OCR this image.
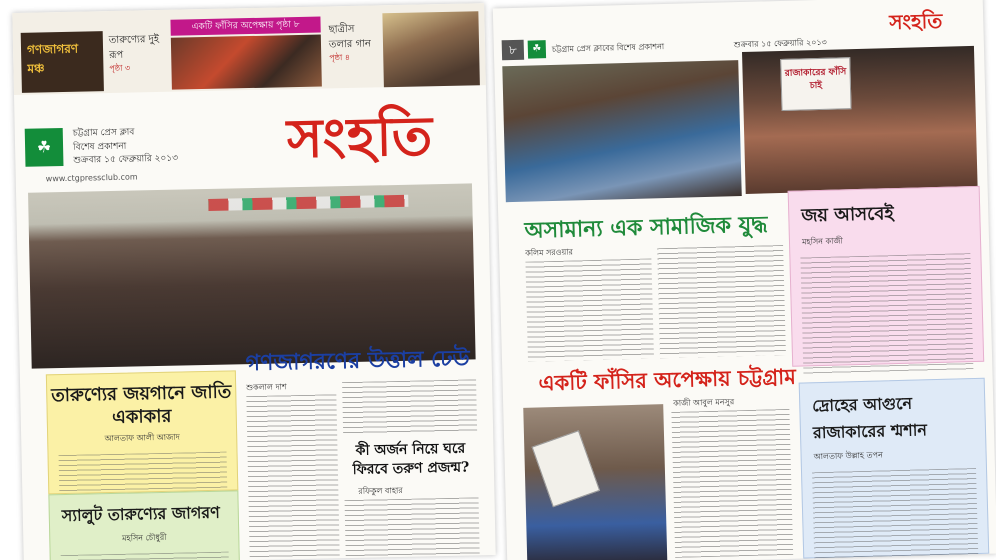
গণজাগরণ মঞ্চ
তারুণ্যের দুই রূপ
পৃষ্ঠা ৩
একটি ফাঁসির অপেক্ষায় পৃষ্ঠা ৮	ছাত্রীস তলার গান
পৃষ্ঠা ৪
☘
চট্টগ্রাম প্রেস ক্লাব
বিশেষ প্রকাশনা
শুক্রবার ১৫ ফেব্রুয়ারি ২০১৩
www.ctgpressclub.com
সংহতি
তারুণ্যের জয়গানে জাতি একাকার
আলতাফ আলী আজাদ
স্যালুট তারুণ্যের জাগরণ
মহসিন চৌধুরী
গণজাগরণের উত্তাল ঢেউ
শুকলাল দাশ
কী অর্জন নিয়ে ঘরে ফিরবে তরুণ প্রজন্ম?
রফিকুল বাহার
৮	☘	চট্টগ্রাম প্রেস ক্লাবের বিশেষ প্রকাশনা	শুক্রবার ১৫ ফেব্রুয়ারি ২০১৩
সংহতি
রাজাকারের ফাঁসি চাই
অসামান্য এক সামাজিক যুদ্ধ
কলিম সরওয়ার
জয় আসবেই
মহসিন কাজী
একটি ফাঁসির অপেক্ষায় চট্টগ্রাম
কাজী আবুল মনসুর	দ্রোহের আগুনে রাজাকারের শ্মশান
আলতাফ উল্লাহ তপন
